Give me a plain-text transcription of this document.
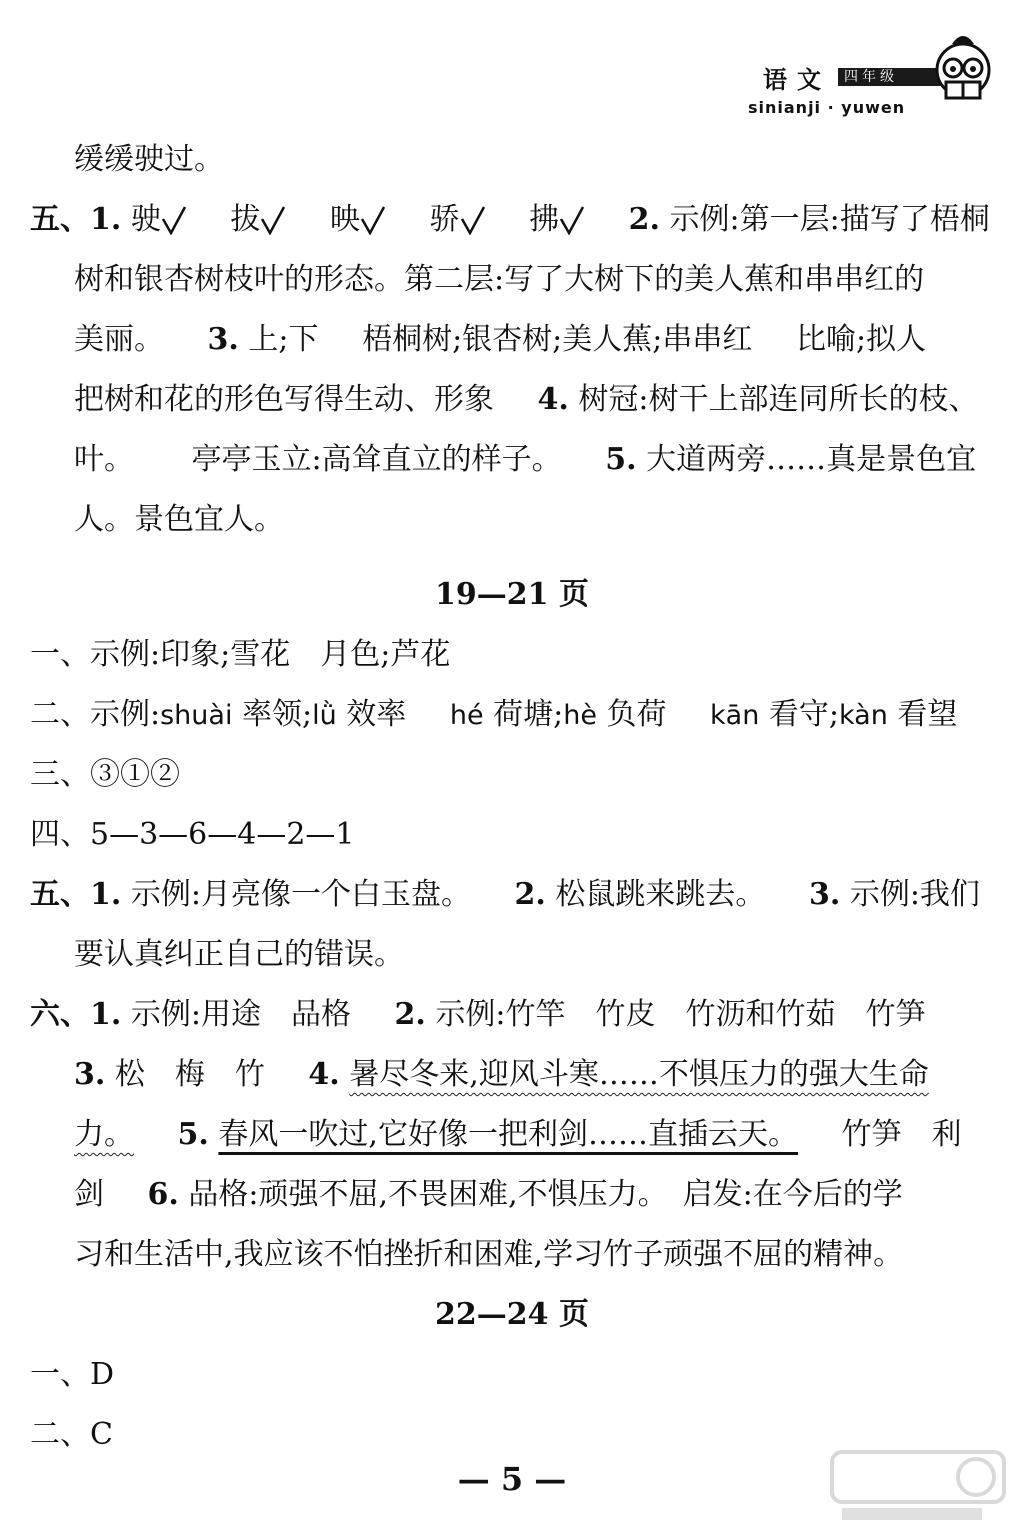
语文 四年级
sinianji · yuwen
缓缓驶过。
五、1. 驶 拔 映 骄 拂 2. 示例:第一层:描写了梧桐
树和银杏树枝叶的形态。第二层:写了大树下的美人蕉和串串红的
美丽。 3. 上;下 梧桐树;银杏树;美人蕉;串串红 比喻;拟人
把树和花的形色写得生动、形象 4. 树冠:树干上部连同所长的枝、
叶。 亭亭玉立:高耸直立的样子。 5. 大道两旁……真是景色宜
人。景色宜人。
19—21 页
一、示例:印象;雪花　月色;芦花
二、示例:shuài 率领;lǜ 效率 hé 荷塘;hè 负荷 kān 看守;kàn 看望
三、③①②
四、5—3—6—4—2—1
五、1. 示例:月亮像一个白玉盘。 2. 松鼠跳来跳去。 3. 示例:我们
要认真纠正自己的错误。
六、1. 示例:用途　品格 2. 示例:竹竿　竹皮　竹沥和竹茹　竹笋
3. 松　梅　竹 4. 暑尽冬来,迎风斗寒……不惧压力的强大生命
力。 5. 春风一吹过,它好像一把利剑……直插云天。 竹笋　利
剑 6. 品格:顽强不屈,不畏困难,不惧压力。　启发:在今后的学
习和生活中,我应该不怕挫折和困难,学习竹子顽强不屈的精神。
22—24 页
一、D
二、C
— 5 —
